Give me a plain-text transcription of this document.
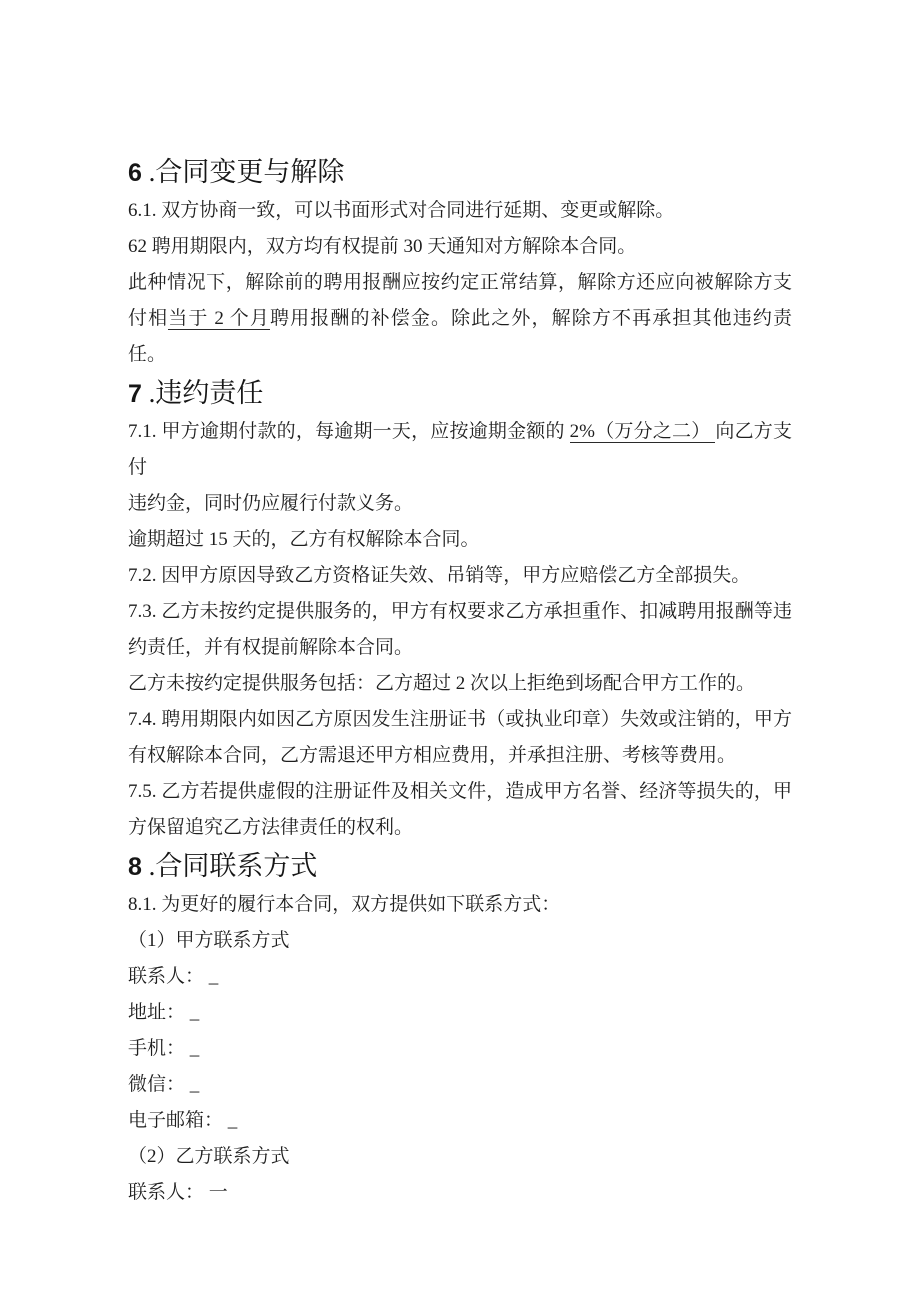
6 .合同变更与解除

6.1. 双方协商一致，可以书面形式对合同进行延期、变更或解除。

62 聘用期限内，双方均有权提前 30 天通知对方解除本合同。

此种情况下，解除前的聘用报酬应按约定正常结算，解除方还应向被解除方支付相当于 2 个月聘用报酬的补偿金。除此之外，解除方不再承担其他违约责任。

7 .违约责任

7.1. 甲方逾期付款的，每逾期一天，应按逾期金额的 2%（万分之二） 向乙方支付

违约金，同时仍应履行付款义务。

逾期超过 15 天的，乙方有权解除本合同。

7.2. 因甲方原因导致乙方资格证失效、吊销等，甲方应赔偿乙方全部损失。

7.3. 乙方未按约定提供服务的，甲方有权要求乙方承担重作、扣减聘用报酬等违约责任，并有权提前解除本合同。

乙方未按约定提供服务包括：乙方超过 2 次以上拒绝到场配合甲方工作的。

7.4. 聘用期限内如因乙方原因发生注册证书（或执业印章）失效或注销的，甲方有权解除本合同，乙方需退还甲方相应费用，并承担注册、考核等费用。

7.5. 乙方若提供虚假的注册证件及相关文件，造成甲方名誉、经济等损失的，甲方保留追究乙方法律责任的权利。

8 .合同联系方式

8.1. 为更好的履行本合同，双方提供如下联系方式：

（1）甲方联系方式

联系人： _

地址： _

手机： _

微信： _

电子邮箱： _

（2）乙方联系方式

联系人： 一
